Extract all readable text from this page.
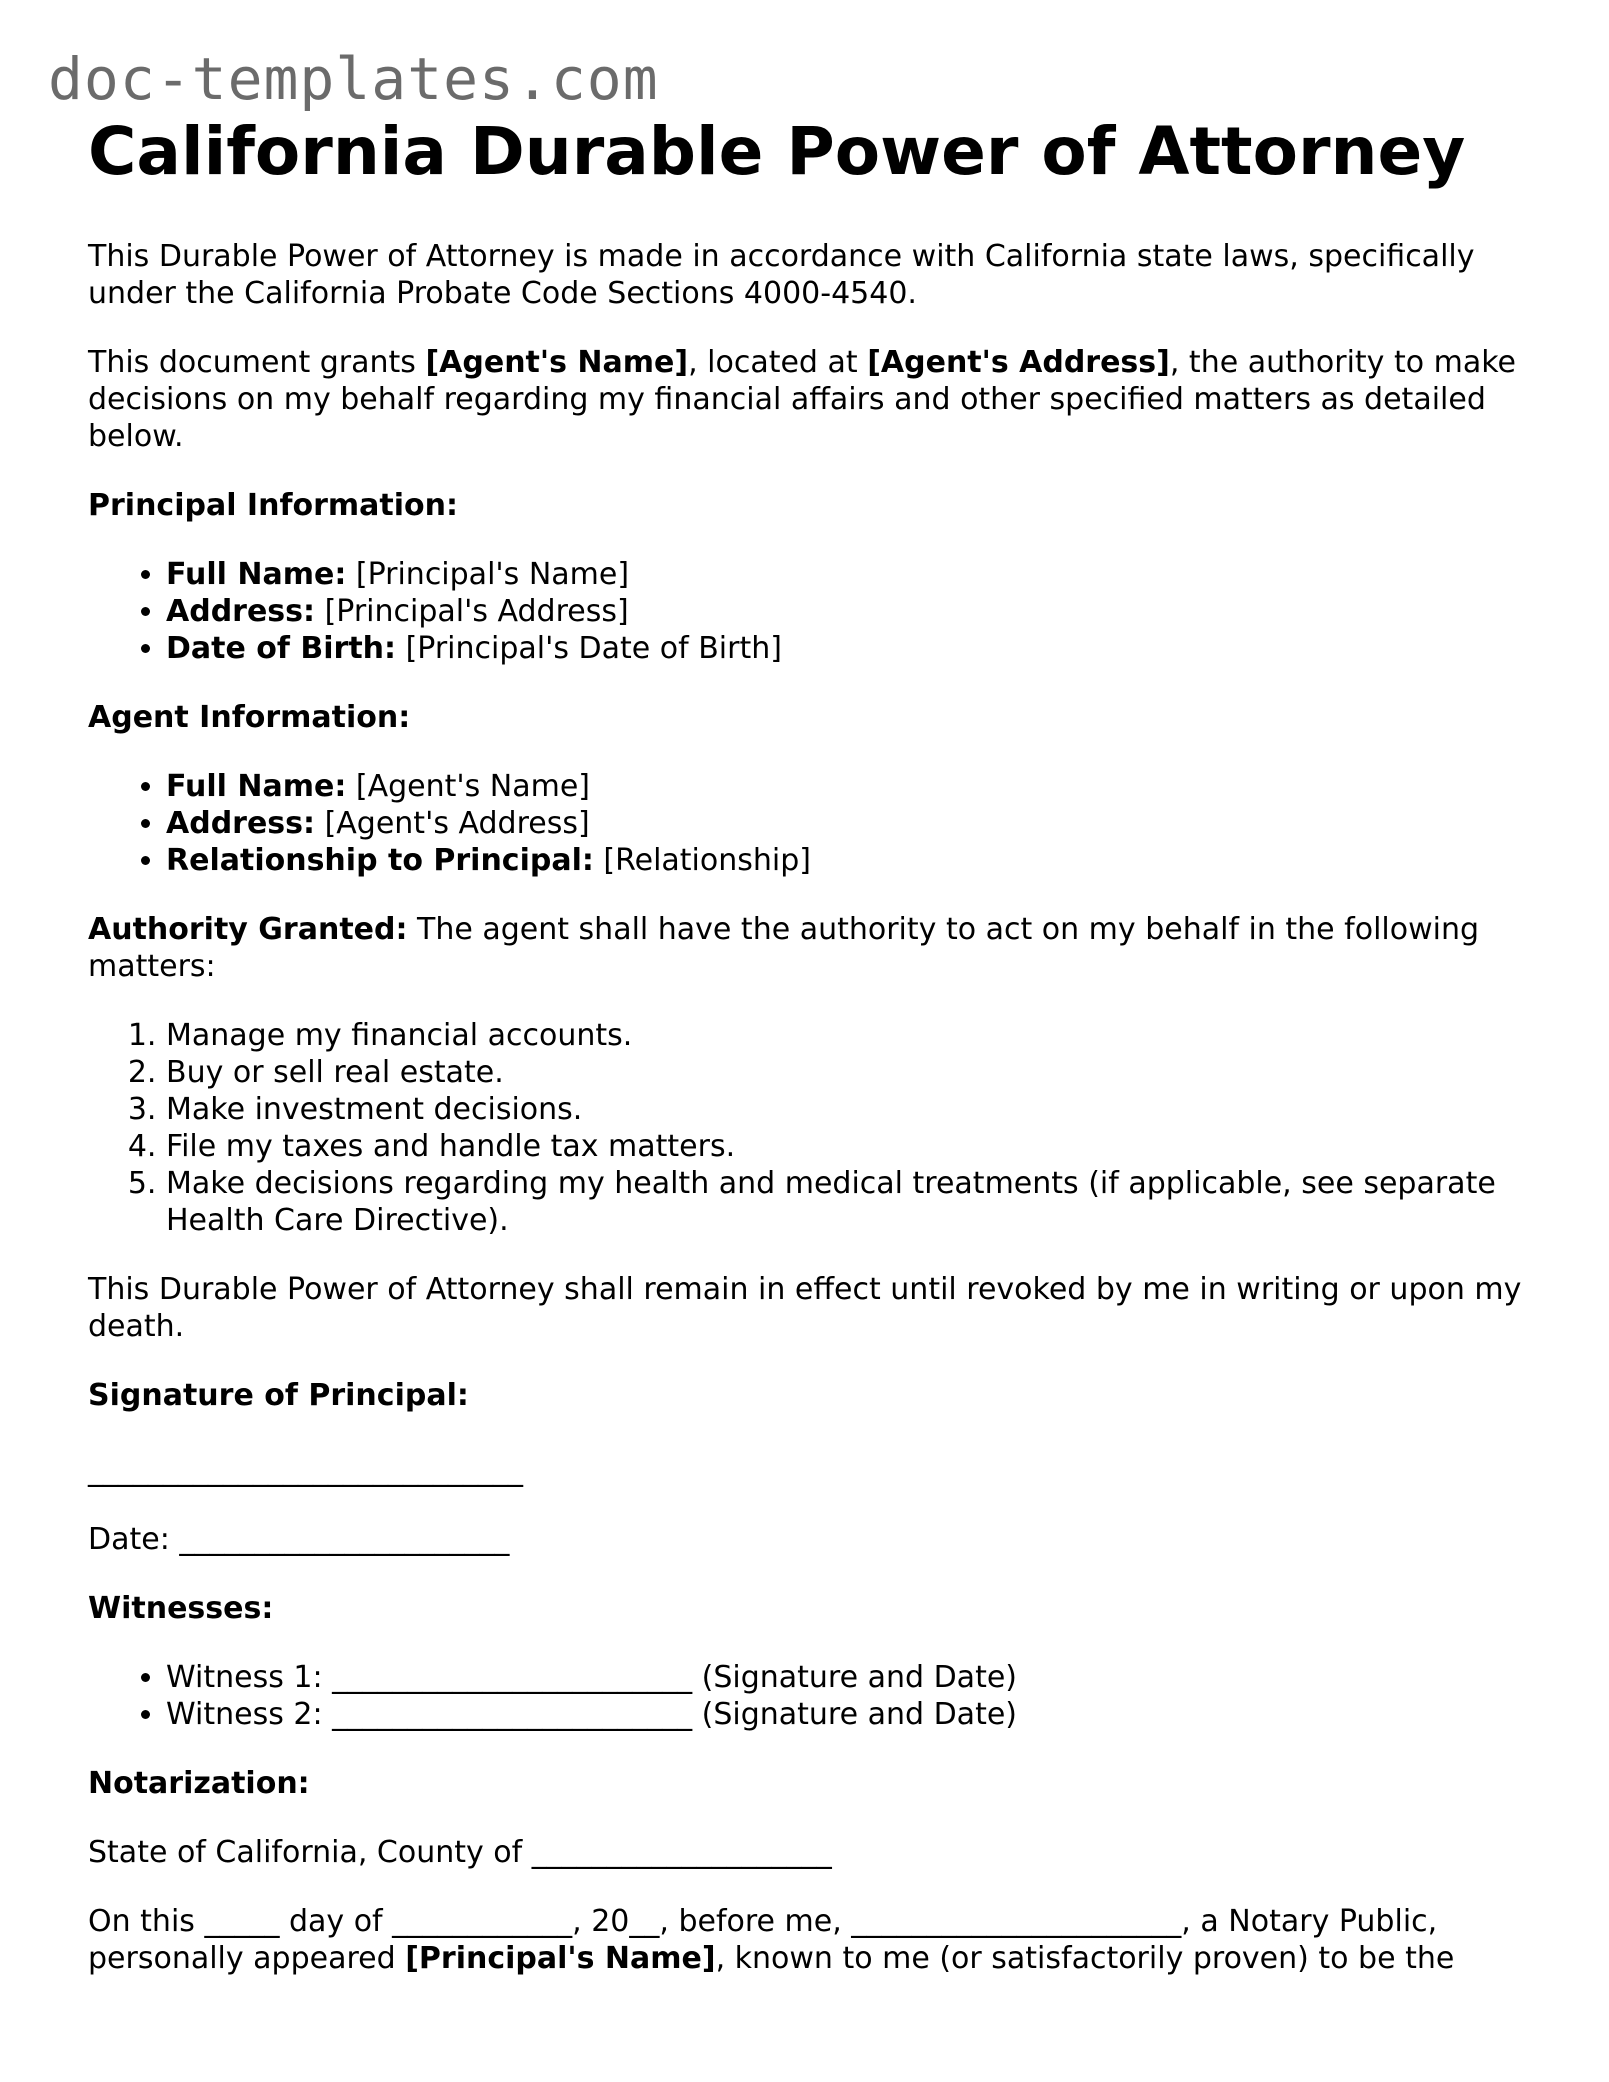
doc-templates.com
California Durable Power of Attorney

This Durable Power of Attorney is made in accordance with California state laws, specifically under the California Probate Code Sections 4000-4540.

This document grants [Agent's Name], located at [Agent's Address], the authority to make decisions on my behalf regarding my financial affairs and other specified matters as detailed below.

Principal Information:
• Full Name: [Principal's Name]
• Address: [Principal's Address]
• Date of Birth: [Principal's Date of Birth]
Agent Information:
• Full Name: [Agent's Name]
• Address: [Agent's Address]
• Relationship to Principal: [Relationship]

Authority Granted: The agent shall have the authority to act on my behalf in the following matters:

1. Manage my financial accounts.
2. Buy or sell real estate.
3. Make investment decisions.
4. File my taxes and handle tax matters.
5. Make decisions regarding my health and medical treatments (if applicable, see separate Health Care Directive).

This Durable Power of Attorney shall remain in effect until revoked by me in writing or upon my death.

Signature of Principal:

_____________________________

Date: ______________________

Witnesses:
• Witness 1: ________________________ (Signature and Date)
• Witness 2: ________________________ (Signature and Date)
Notarization:

State of California, County of ____________________

On this _____ day of ____________, 20__, before me, ______________________, a Notary Public, personally appeared [Principal's Name], known to me (or satisfactorily proven) to be the
